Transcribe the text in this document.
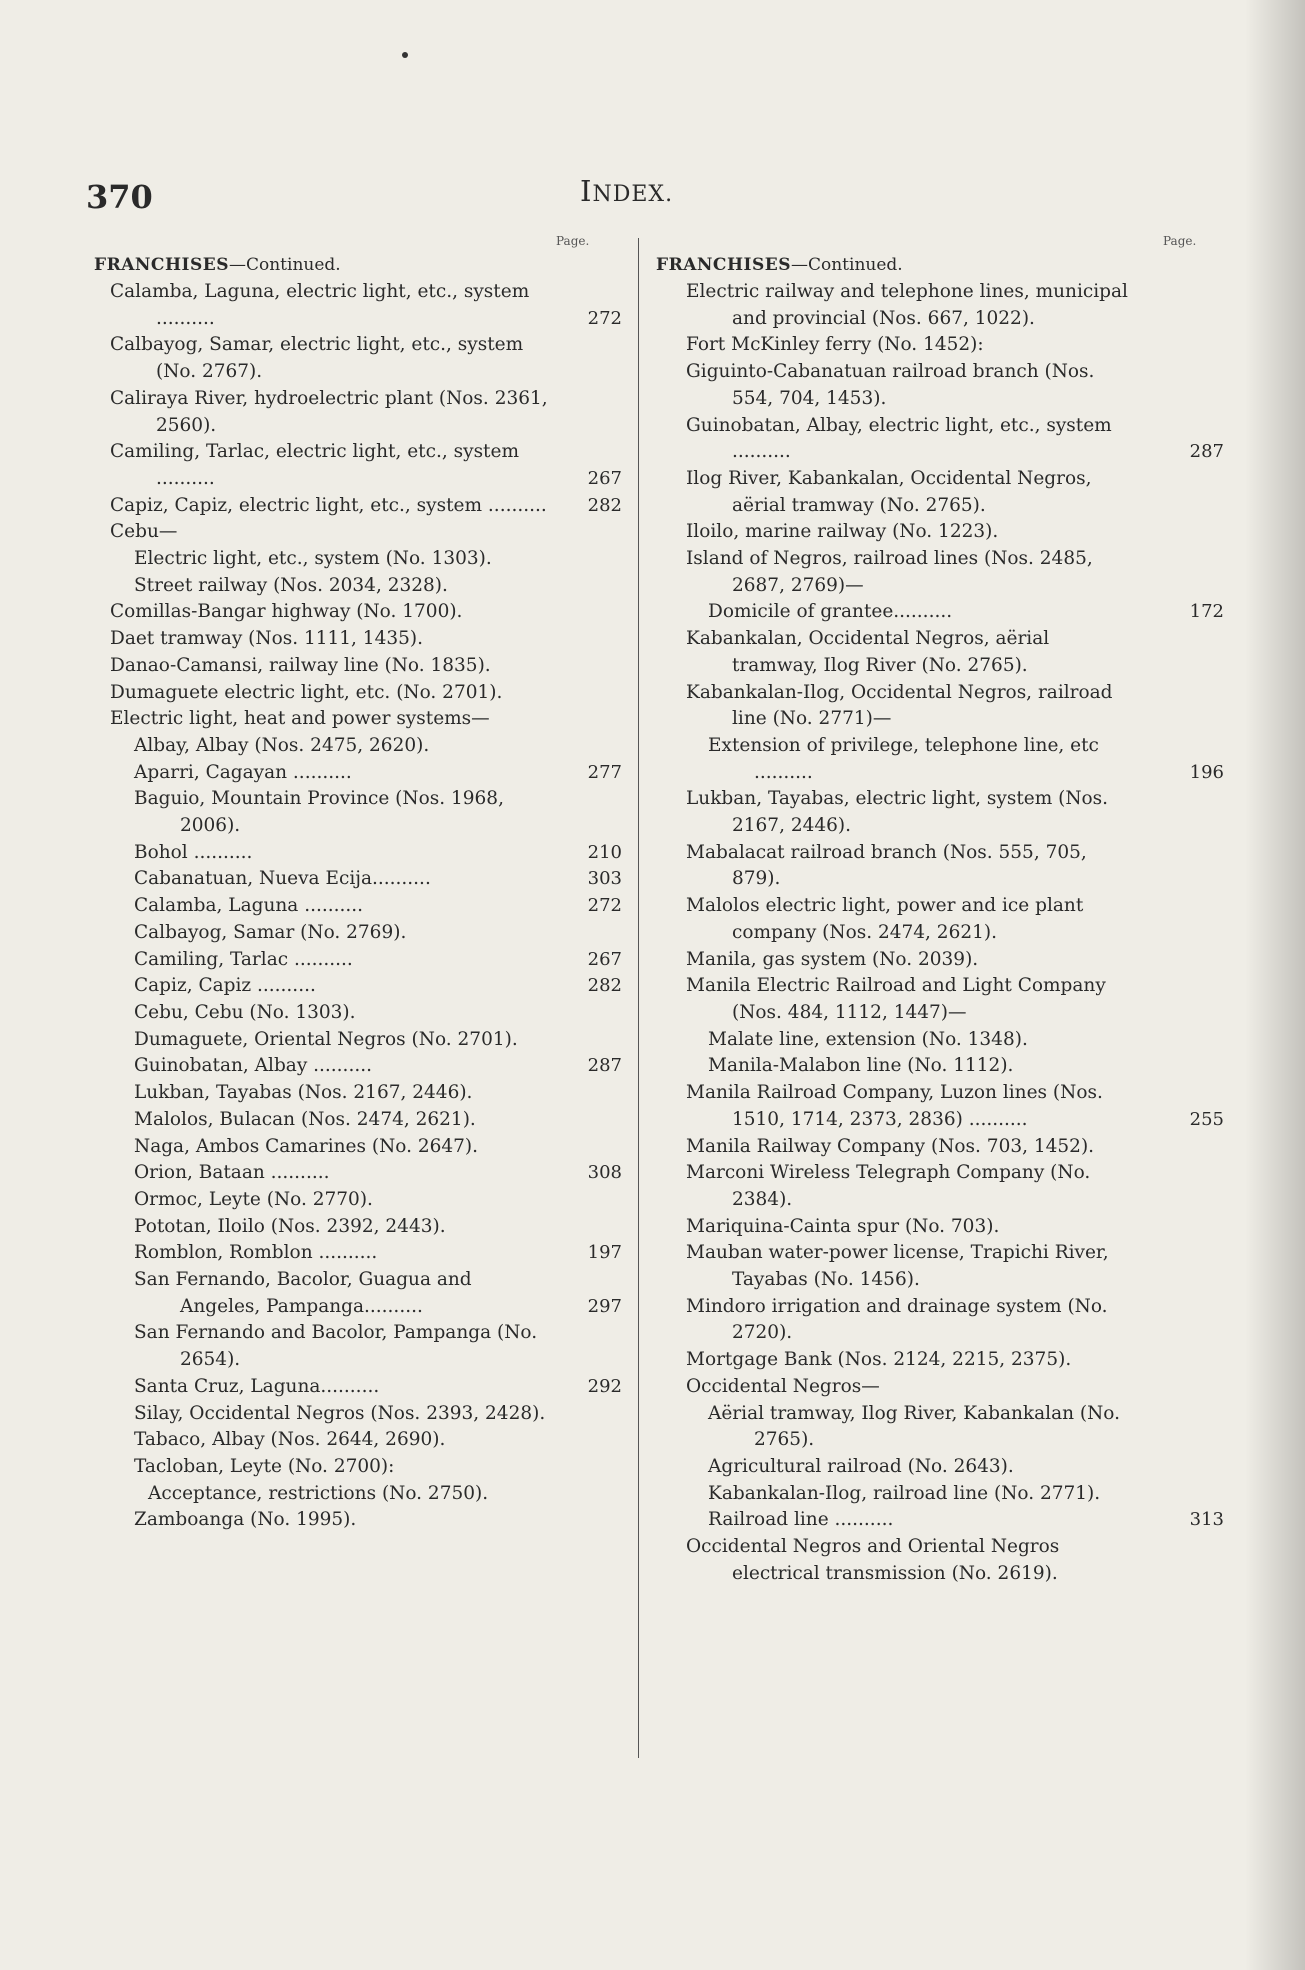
370	INDEX.
Page.	Page.
FRANCHISES—Continued.
Calamba, Laguna, electric light, etc., system ..........	272
Calbayog, Samar, electric light, etc., system (No. 2767).
Caliraya River, hydroelectric plant (Nos. 2361, 2560).
Camiling, Tarlac, electric light, etc., system ..........	267
Capiz, Capiz, electric light, etc., system .......... 282
Cebu—
Electric light, etc., system (No. 1303).
Street railway (Nos. 2034, 2328).
Comillas-Bangar highway (No. 1700).
Daet tramway (Nos. 1111, 1435).
Danao-Camansi, railway line (No. 1835).
Dumaguete electric light, etc. (No. 2701).
Electric light, heat and power systems—
Albay, Albay (Nos. 2475, 2620).
Aparri, Cagayan ..........	277
Baguio, Mountain Province (Nos. 1968, 2006).
Bohol ..........	210
Cabanatuan, Nueva Ecija..........	303
Calamba, Laguna ..........	272
Calbayog, Samar (No. 2769).
Camiling, Tarlac ..........	267
Capiz, Capiz ..........	282
Cebu, Cebu (No. 1303).
Dumaguete, Oriental Negros (No. 2701).
Guinobatan, Albay ..........	287
Lukban, Tayabas (Nos. 2167, 2446).
Malolos, Bulacan (Nos. 2474, 2621).
Naga, Ambos Camarines (No. 2647).
Orion, Bataan ..........	308
Ormoc, Leyte (No. 2770).
Pototan, Iloilo (Nos. 2392, 2443).
Romblon, Romblon ..........	197
San Fernando, Bacolor, Guagua and Angeles, Pampanga..........	297
San Fernando and Bacolor, Pampanga (No. 2654).
Santa Cruz, Laguna..........	292
Silay, Occidental Negros (Nos. 2393, 2428).
Tabaco, Albay (Nos. 2644, 2690).
Tacloban, Leyte (No. 2700):
Acceptance, restrictions (No. 2750).
Zamboanga (No. 1995).
FRANCHISES—Continued.
Electric railway and telephone lines, municipal and provincial (Nos. 667, 1022).
Fort McKinley ferry (No. 1452):
Giguinto-Cabanatuan railroad branch (Nos. 554, 704, 1453).
Guinobatan, Albay, electric light, etc., system ..........	287
Ilog River, Kabankalan, Occidental Negros, aërial tramway (No. 2765).
Iloilo, marine railway (No. 1223).
Island of Negros, railroad lines (Nos. 2485, 2687, 2769)—
Domicile of grantee..........	172
Kabankalan, Occidental Negros, aërial tramway, Ilog River (No. 2765).
Kabankalan-Ilog, Occidental Negros, railroad line (No. 2771)—
Extension of privilege, telephone line, etc ..........	196
Lukban, Tayabas, electric light, system (Nos. 2167, 2446).
Mabalacat railroad branch (Nos. 555, 705, 879).
Malolos electric light, power and ice plant company (Nos. 2474, 2621).
Manila, gas system (No. 2039).
Manila Electric Railroad and Light Company (Nos. 484, 1112, 1447)—
Malate line, extension (No. 1348).
Manila-Malabon line (No. 1112).
Manila Railroad Company, Luzon lines (Nos. 1510, 1714, 2373, 2836) ..........	255
Manila Railway Company (Nos. 703, 1452).
Marconi Wireless Telegraph Company (No. 2384).
Mariquina-Cainta spur (No. 703).
Mauban water-power license, Trapichi River, Tayabas (No. 1456).
Mindoro irrigation and drainage system (No. 2720).
Mortgage Bank (Nos. 2124, 2215, 2375).
Occidental Negros—
Aërial tramway, Ilog River, Kabankalan (No. 2765).
Agricultural railroad (No. 2643).
Kabankalan-Ilog, railroad line (No. 2771).
Railroad line ..........	313
Occidental Negros and Oriental Negros electrical transmission (No. 2619).
